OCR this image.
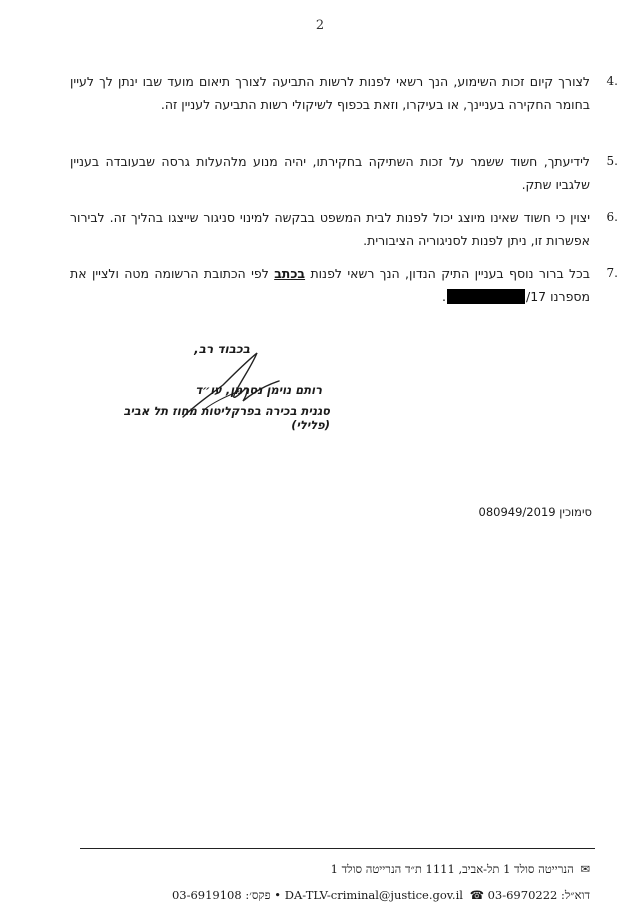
2
4.
לצורך קיום זכות השימוע, הנך רשאי לפנות לרשות התביעה לצורך תיאום מועד שבו ינתן לך לעיין בחומר החקירה בעניינך, או בעיקרו, וזאת בכפוף לשיקולי רשות התביעה לעניין זה.
5.
לידיעתך, חשוד ששמר על זכות השתיקה בחקירתו, יהיה מנוע מלהעלות גרסה שבעובדה בעניין שלגביו שתק.
6.
יצוין כי חשוד שאינו מיוצג יכול לפנות לבית המשפט בבקשה למינוי סניגור שייצגו בהליך זה. לבירור אפשרות זו, ניתן לפנות לסניגוריה הציבורית.
7.
בכל ברור נוסף בעניין התיק הנדון, הנך רשאי לפנות בכתב לפי הכתובת הרשומה מטה ולציין את מספרנו /17.
בכבוד רב,
רותם נוימן נסרמן, עו״ד
סגנית בכירה בפרקליטות מחוז תל אביב (פלילי)
סימוכין 080949/2019
✉ הנרייטה סולד 1 תל-אביב, 1111 ת״ד הנרייטה סולד 1
דוא״ל: DA-TLV-criminal@justice.gov.il ☎ 03-6970222 • פקס׳: 03-6919108
